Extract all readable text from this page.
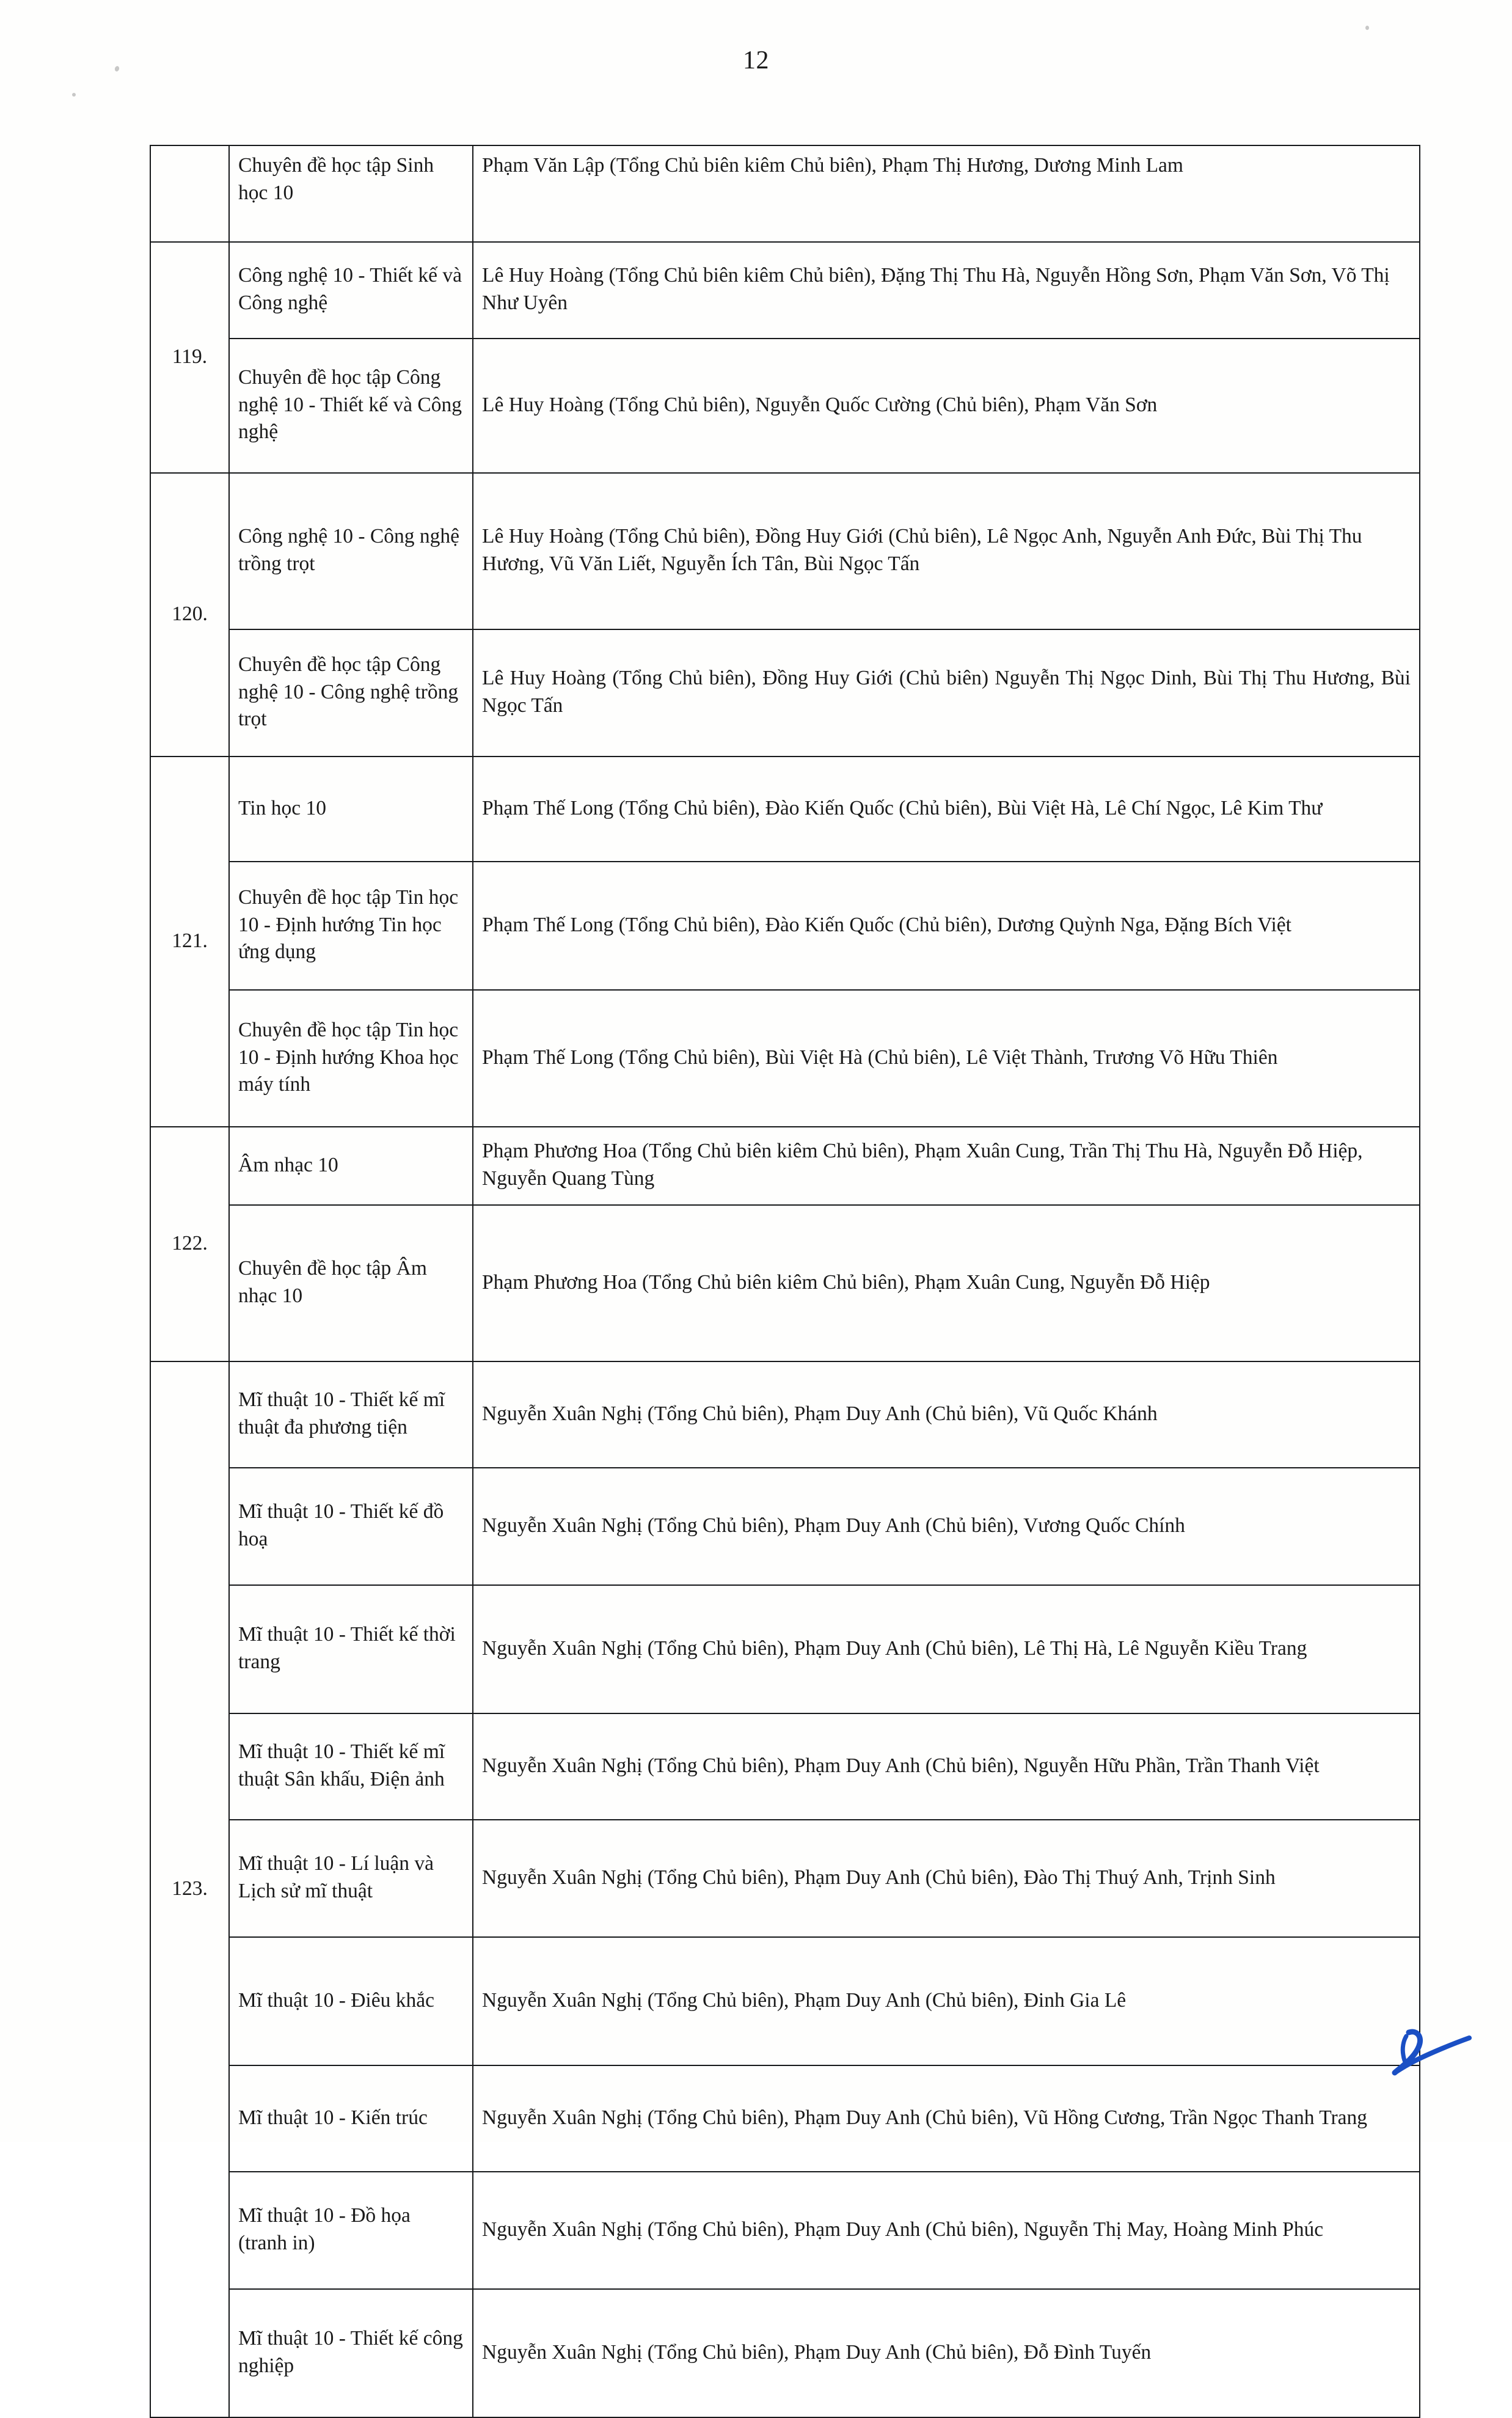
12
	Chuyên đề học tập Sinh học 10	Phạm Văn Lập (Tổng Chủ biên kiêm Chủ biên), Phạm Thị Hương, Dương Minh Lam
119.	Công nghệ 10 - Thiết kế và Công nghệ	Lê Huy Hoàng (Tổng Chủ biên kiêm Chủ biên), Đặng Thị Thu Hà, Nguyễn Hồng Sơn, Phạm Văn Sơn, Võ Thị Như Uyên
	Chuyên đề học tập Công nghệ 10 - Thiết kế và Công nghệ	Lê Huy Hoàng (Tổng Chủ biên), Nguyễn Quốc Cường (Chủ biên), Phạm Văn Sơn
120.	Công nghệ 10 - Công nghệ trồng trọt	Lê Huy Hoàng (Tổng Chủ biên), Đồng Huy Giới (Chủ biên), Lê Ngọc Anh, Nguyễn Anh Đức, Bùi Thị Thu Hương, Vũ Văn Liết, Nguyễn Ích Tân, Bùi Ngọc Tấn
	Chuyên đề học tập Công nghệ 10 - Công nghệ trồng trọt	Lê Huy Hoàng (Tổng Chủ biên), Đồng Huy Giới (Chủ biên) Nguyễn Thị Ngọc Dinh, Bùi Thị Thu Hương, Bùi Ngọc Tấn
121.	Tin học 10	Phạm Thế Long (Tổng Chủ biên), Đào Kiến Quốc (Chủ biên), Bùi Việt Hà, Lê Chí Ngọc, Lê Kim Thư
	Chuyên đề học tập Tin học 10 - Định hướng Tin học ứng dụng	Phạm Thế Long (Tổng Chủ biên), Đào Kiến Quốc (Chủ biên), Dương Quỳnh Nga, Đặng Bích Việt
	Chuyên đề học tập Tin học 10 - Định hướng Khoa học máy tính	Phạm Thế Long (Tổng Chủ biên), Bùi Việt Hà (Chủ biên), Lê Việt Thành, Trương Võ Hữu Thiên
122.	Âm nhạc 10	Phạm Phương Hoa (Tổng Chủ biên kiêm Chủ biên), Phạm Xuân Cung, Trần Thị Thu Hà, Nguyễn Đỗ Hiệp, Nguyễn Quang Tùng
	Chuyên đề học tập Âm nhạc 10	Phạm Phương Hoa (Tổng Chủ biên kiêm Chủ biên), Phạm Xuân Cung, Nguyễn Đỗ Hiệp
123.	Mĩ thuật 10 - Thiết kế mĩ thuật đa phương tiện	Nguyễn Xuân Nghị (Tổng Chủ biên), Phạm Duy Anh (Chủ biên), Vũ Quốc Khánh
	Mĩ thuật 10 - Thiết kế đồ hoạ	Nguyễn Xuân Nghị (Tổng Chủ biên), Phạm Duy Anh (Chủ biên), Vương Quốc Chính
	Mĩ thuật 10 - Thiết kế thời trang	Nguyễn Xuân Nghị (Tổng Chủ biên), Phạm Duy Anh (Chủ biên), Lê Thị Hà, Lê Nguyễn Kiều Trang
	Mĩ thuật 10 - Thiết kế mĩ thuật Sân khấu, Điện ảnh	Nguyễn Xuân Nghị (Tổng Chủ biên), Phạm Duy Anh (Chủ biên), Nguyễn Hữu Phần, Trần Thanh Việt
	Mĩ thuật 10 - Lí luận và Lịch sử mĩ thuật	Nguyễn Xuân Nghị (Tổng Chủ biên), Phạm Duy Anh (Chủ biên), Đào Thị Thuý Anh, Trịnh Sinh
	Mĩ thuật 10 - Điêu khắc	Nguyễn Xuân Nghị (Tổng Chủ biên), Phạm Duy Anh (Chủ biên), Đinh Gia Lê
	Mĩ thuật 10 - Kiến trúc	Nguyễn Xuân Nghị (Tổng Chủ biên), Phạm Duy Anh (Chủ biên), Vũ Hồng Cương, Trần Ngọc Thanh Trang
	Mĩ thuật 10 - Đồ họa (tranh in)	Nguyễn Xuân Nghị (Tổng Chủ biên), Phạm Duy Anh (Chủ biên), Nguyễn Thị May, Hoàng Minh Phúc
	Mĩ thuật 10 - Thiết kế công nghiệp	Nguyễn Xuân Nghị (Tổng Chủ biên), Phạm Duy Anh (Chủ biên), Đỗ Đình Tuyến
